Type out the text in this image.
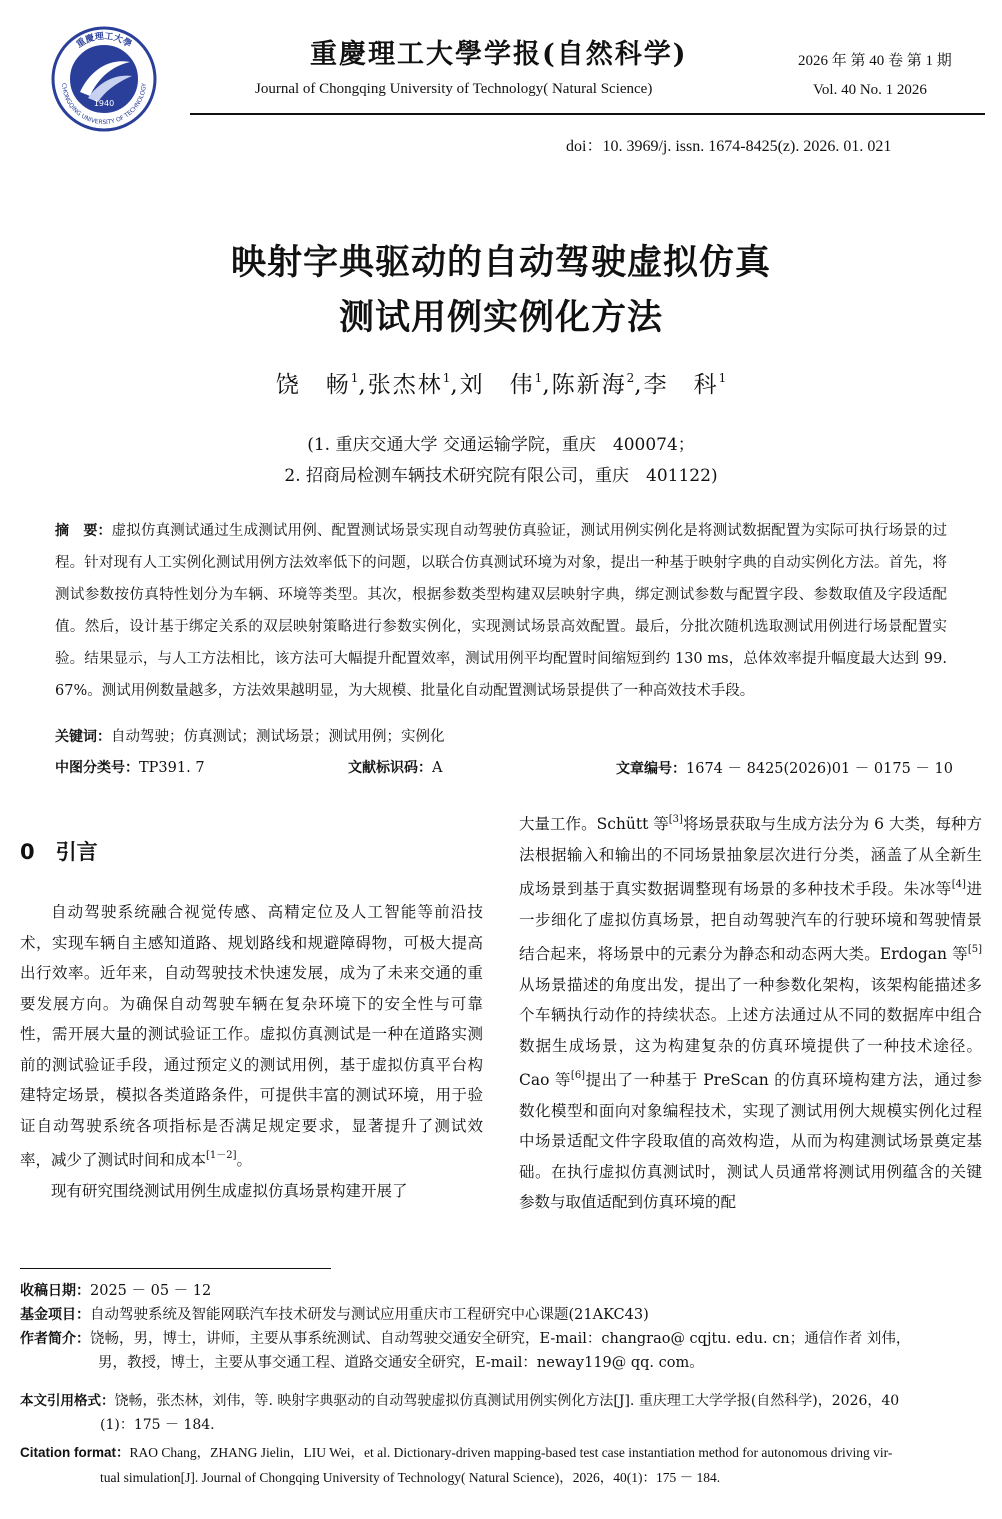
1940
重慶理工大學
CHONGQING UNIVERSITY OF TECHNOLOGY
重慶理工大學学报(自然科学)
Journal of Chongqing University of Technology( Natural Science)
2026 年 第 40 卷 第 1 期
Vol. 40 No. 1 2026
doi：10. 3969/j. issn. 1674-8425(z). 2026. 01. 021
映射字典驱动的自动驾驶虚拟仿真
测试用例实例化方法
饶　畅$^1$,张杰林$^1$,刘　伟$^1$,陈新海$^2$,李　科$^1$
(1. 重庆交通大学 交通运输学院，重庆　400074；
2. 招商局检测车辆技术研究院有限公司，重庆　401122)
摘　要：虚拟仿真测试通过生成测试用例、配置测试场景实现自动驾驶仿真验证，测试用例实例化是将测试数据配置为实际可执行场景的过程。针对现有人工实例化测试用例方法效率低下的问题，以联合仿真测试环境为对象，提出一种基于映射字典的自动实例化方法。首先，将测试参数按仿真特性划分为车辆、环境等类型。其次，根据参数类型构建双层映射字典，绑定测试参数与配置字段、参数取值及字段适配值。然后，设计基于绑定关系的双层映射策略进行参数实例化，实现测试场景高效配置。最后，分批次随机选取测试用例进行场景配置实验。结果显示，与人工方法相比，该方法可大幅提升配置效率，测试用例平均配置时间缩短到约 130 ms，总体效率提升幅度最大达到 99. 67%。测试用例数量越多，方法效果越明显，为大规模、批量化自动配置测试场景提供了一种高效技术手段。
关键词：自动驾驶；仿真测试；测试场景；测试用例；实例化
中图分类号：TP391. 7	文献标识码：A	文章编号：1674 － 8425(2026)01 － 0175 － 10
0　引言

自动驾驶系统融合视觉传感、高精定位及人工智能等前沿技术，实现车辆自主感知道路、规划路线和规避障碍物，可极大提高出行效率。近年来，自动驾驶技术快速发展，成为了未来交通的重要发展方向。为确保自动驾驶车辆在复杂环境下的安全性与可靠性，需开展大量的测试验证工作。虚拟仿真测试是一种在道路实测前的测试验证手段，通过预定义的测试用例，基于虚拟仿真平台构建特定场景，模拟各类道路条件，可提供丰富的测试环境，用于验证自动驾驶系统各项指标是否满足规定要求，显著提升了测试效率，减少了测试时间和成本[1－2]。

现有研究围绕测试用例生成虚拟仿真场景构建开展了

大量工作。Schütt 等[3]将场景获取与生成方法分为 6 大类，每种方法根据输入和输出的不同场景抽象层次进行分类，涵盖了从全新生成场景到基于真实数据调整现有场景的多种技术手段。朱冰等[4]进一步细化了虚拟仿真场景，把自动驾驶汽车的行驶环境和驾驶情景结合起来，将场景中的元素分为静态和动态两大类。Erdogan 等[5]从场景描述的角度出发，提出了一种参数化架构，该架构能描述多个车辆执行动作的持续状态。上述方法通过从不同的数据库中组合数据生成场景，这为构建复杂的仿真环境提供了一种技术途径。Cao 等[6]提出了一种基于 PreScan 的仿真环境构建方法，通过参数化模型和面向对象编程技术，实现了测试用例大规模实例化过程中场景适配文件字段取值的高效构造，从而为构建测试场景奠定基础。在执行虚拟仿真测试时，测试人员通常将测试用例蕴含的关键参数与取值适配到仿真环境的配

收稿日期：2025 － 05 － 12
基金项目：自动驾驶系统及智能网联汽车技术研发与测试应用重庆市工程研究中心课题(21AKC43)
作者简介：饶畅，男，博士，讲师，主要从事系统测试、自动驾驶交通安全研究，E-mail：changrao@ cqjtu. edu. cn；通信作者 刘伟，
男，教授，博士，主要从事交通工程、道路交通安全研究，E-mail：neway119@ qq. com。
本文引用格式：饶畅，张杰林，刘伟，等. 映射字典驱动的自动驾驶虚拟仿真测试用例实例化方法[J]. 重庆理工大学学报(自然科学)，2026，40
(1)：175 － 184.
Citation format：RAO Chang，ZHANG Jielin，LIU Wei，et al. Dictionary-driven mapping-based test case instantiation method for autonomous driving vir-
tual simulation[J]. Journal of Chongqing University of Technology( Natural Science)，2026，40(1)：175 － 184.
